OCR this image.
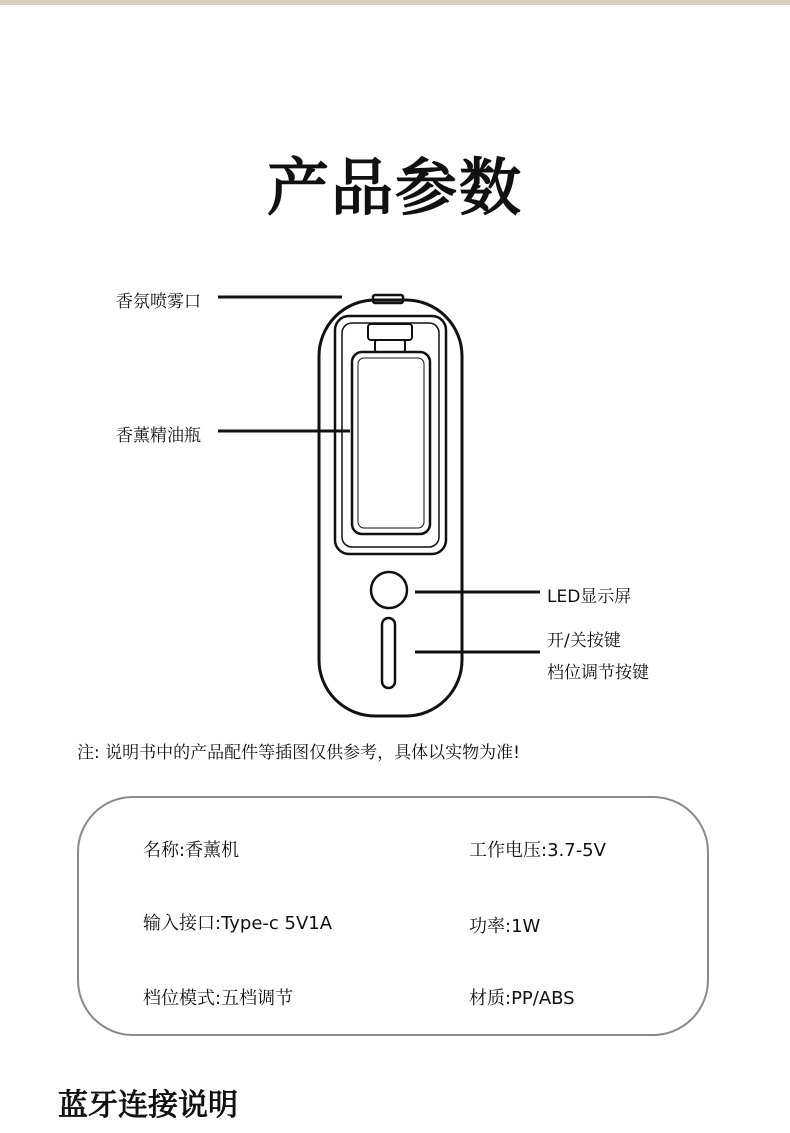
产品参数
香氛喷雾口
香薰精油瓶
LED显示屏
开/关按键
档位调节按键
注: 说明书中的产品配件等插图仅供参考，具体以实物为准!
名称:香薰机	工作电压:3.7-5V
输入接口:Type-c 5V1A	功率:1W
档位模式:五档调节	材质:PP/ABS
蓝牙连接说明
